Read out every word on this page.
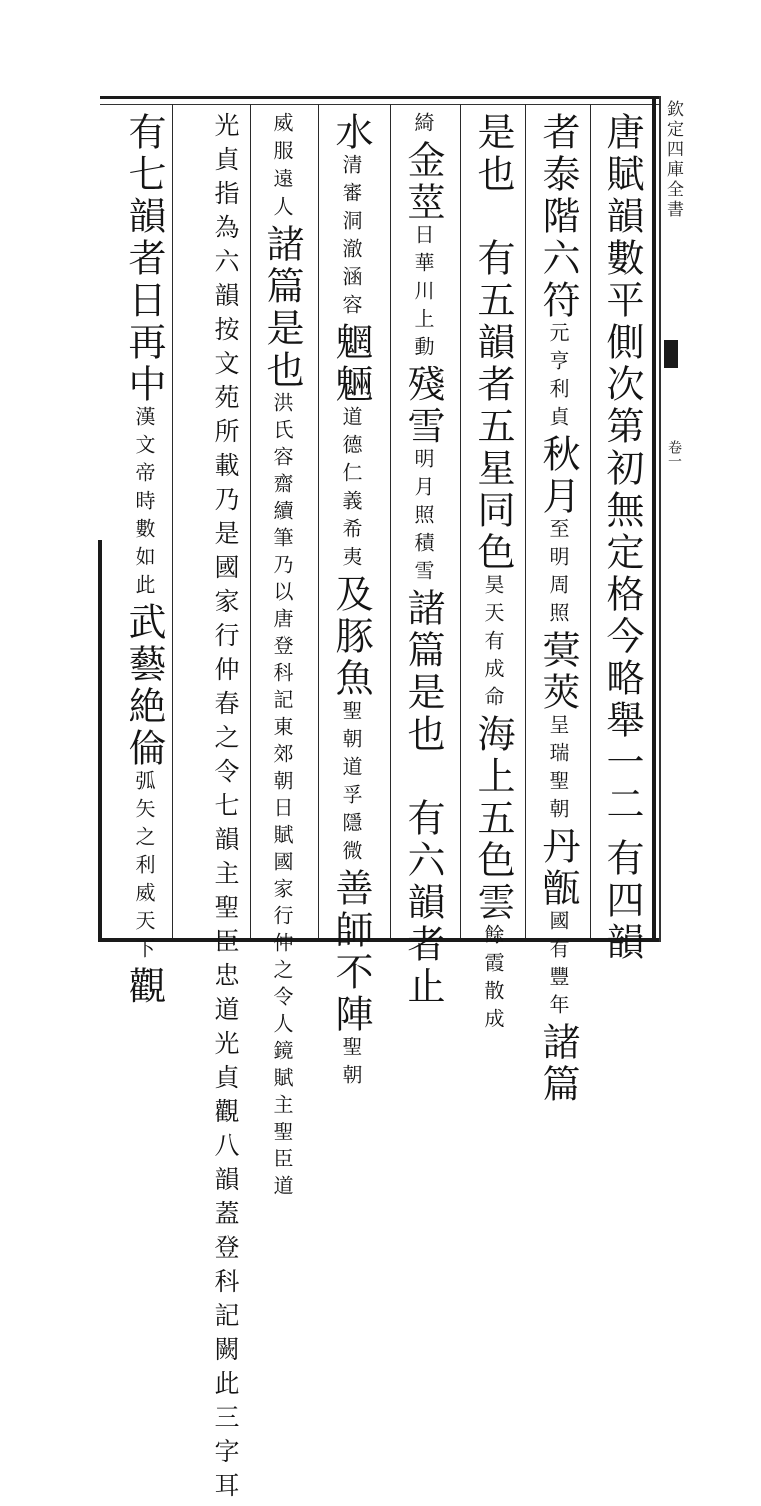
欽定四庫全書
卷一
唐賦韻數平側次第初無定格今略舉一二有四韻
者泰階六符元亨利貞秋月至明周照蓂莢呈瑞聖朝丹甑國有豐年諸篇
是也　有五韻者五星同色昊天有成命海上五色雲餘霞散成
綺金莖日華川上動殘雪明月照積雪諸篇是也　有六韻者止
水清審洞澈涵容魍魎道德仁義希夷及豚魚聖朝道孚隱微善師不陣聖朝
威服遠人諸篇是也洪氏容齋續筆乃以唐登科記東郊朝日賦國家行仲之令人鏡賦主聖臣道
光貞指為六韻按文苑所載乃是國家行仲春之令七韻主聖臣忠道光貞觀八韻蓋登科記闕此三字耳
有七韻者日再中漢文帝時數如此武藝絶倫弧矢之利威天下觀
